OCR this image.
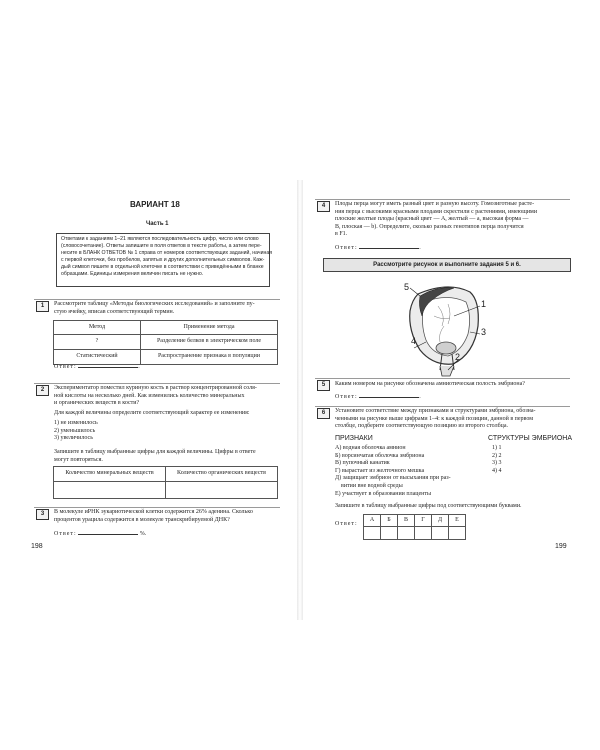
ВАРИАНТ 18
Часть 1
Ответами к заданиям 1–21 являются последовательность цифр, число или слово
(словосочетание). Ответы запишите в поля ответов в тексте работы, а затем пере-
несите в БЛАНК ОТВЕТОВ № 1 справа от номеров соответствующих заданий, начиная
с первой клеточки, без пробелов, запятых и других дополнительных символов. Каж-
дый символ пишите в отдельной клеточке в соответствии с приведёнными в бланке
образцами. Единицы измерения величин писать не нужно.
1	Рассмотрите таблицу «Методы биологических исследований» и заполните пу-
стую ячейку, вписав соответствующий термин.
Метод	Применение метода
?	Разделение белков в электрическом поле
Статистический	Распространение признака в популяции
Ответ:	.
2	Экспериментатор поместил куриную кость в раствор концентрированной соля-
ной кислоты на несколько дней. Как изменились количество минеральных
и органических веществ в кости?
Для каждой величины определите соответствующий характер ее изменения:
1) не изменилось
2) уменьшилось
3) увеличилось
Запишите в таблицу выбранные цифры для каждой величины. Цифры в ответе
могут повторяться.
Количество минеральных веществ	Количество органических веществ

3	В молекуле иРНК эукариотической клетки содержится 26% аденина. Сколько
процентов урацила содержится в молекуле транскрибируемой ДНК?
Ответ:	%.
198
4	Плоды перца могут иметь разный цвет и разную высоту. Гомозиготные расте-
ния перца с высокими красными плодами скрестили с растениями, имеющими
плоские желтые плоды (красный цвет — А, желтый — a, высокая форма —
B, плоская — b). Определите, сколько разных генотипов перца получится
в F1.
Ответ:	.
Рассмотрите рисунок и выполните задания 5 и 6.
1
2
3
4
5
5	Каким номером на рисунке обозначена амниотическая полость эмбриона?
Ответ:	.
6	Установите соответствие между признаками и структурами эмбриона, обозна-
ченными на рисунке выше цифрами 1–4: к каждой позиции, данной в первом
столбце, подберите соответствующую позицию из второго столбца.
ПРИЗНАКИ	СТРУКТУРЫ ЭМБРИОНА
А) водная оболочка амнион
Б) ворсинчатая оболочка эмбриона
В) пупочный канатик
Г) вырастает из желточного мешка
Д) защищает эмбрион от высыхания при раз-
витии вне водной среды
Е) участвует в образовании плаценты
1) 1
2) 2
3) 3
4) 4
Запишите в таблицу выбранные цифры под соответствующими буквами.
Ответ:
А	Б	В	Г	Д	Е

199
